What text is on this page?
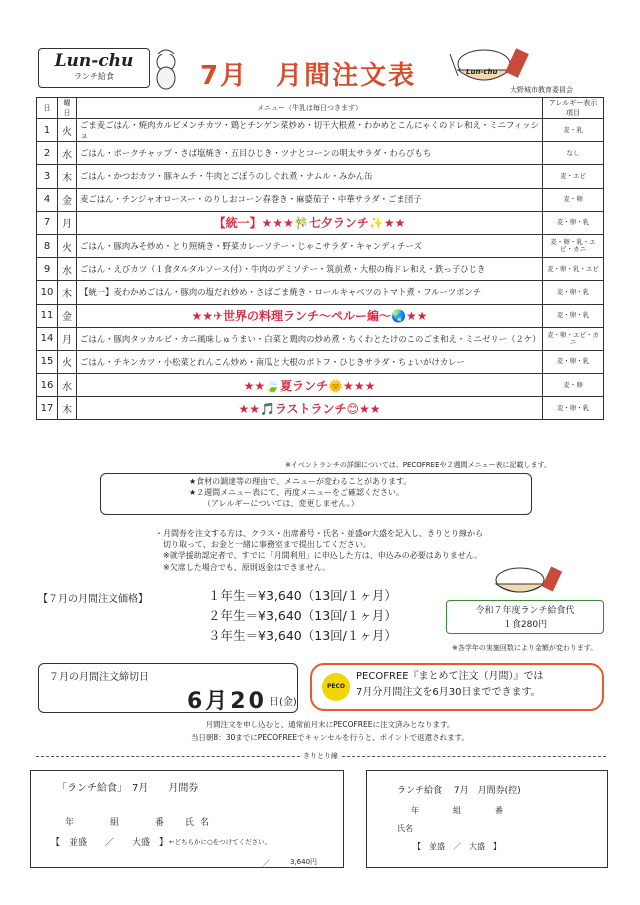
Lun-chu
ランチ給食	7月　月間注文表	Lun-chu
大野城市教育委員会
日	曜日	メニュー（牛乳は毎日つきます）	アレルギー表示項目
1	火	ごま麦ごはん・焼肉カルビメンチカツ・鶏とチンゲン菜炒め・切干大根煮・わかめとこんにゃくのドレ和え・ミニフィッシュ	麦・乳
2	水	ごはん・ポークチャップ・さば塩焼き・五目ひじき・ツナとコーンの明太サラダ・わらびもち	なし
3	木	ごはん・かつおカツ・豚キムチ・牛肉とごぼうのしぐれ煮・ナムル・みかん缶	麦・エビ
4	金	麦ごはん・チンジャオロースー・のりしおコーン春巻き・麻婆茄子・中華サラダ・ごま団子	麦・卵
7	月	【統一】★★★🎋七夕ランチ✨★★	麦・卵・乳
8	火	ごはん・豚肉みそ炒め・とり照焼き・野菜カレーソテー・じゃこサラダ・キャンディチーズ	麦・卵・乳・エビ・カニ
9	水	ごはん・えびカツ（１食タルタルソース付）・牛肉のデミソテー・筑前煮・大根の梅ドレ和え・鉄っ子ひじき	麦・卵・乳・エビ
10	木	【統一】麦わかめごはん・豚肉の塩だれ炒め・さばごま焼き・ロールキャベツのトマト煮・フルーツポンチ	麦・卵・乳
11	金	★★✈世界の料理ランチ〜ペルー編〜🌏★★	麦・卵・乳
14	月	ごはん・豚肉タッカルビ・カニ風味しゅうまい・白菜と鶏肉の炒め煮・ちくわとたけのこのごま和え・ミニゼリー（２ケ）	麦・卵・エビ・カニ
15	火	ごはん・チキンカツ・小松菜とれんこん炒め・南瓜と大根のポトフ・ひじきサラダ・ちょいがけカレー	麦・卵・乳
16	水	★★🍃夏ランチ🌞★★★	麦・卵
17	木	★★🎵ラストランチ😊★★	麦・卵・乳
※イベントランチの詳細については、PECOFREEや２週間メニュー表に記載します。
★食材の調達等の理由で、メニューが変わることがあります。
★２週間メニュー表にて、再度メニューをご確認ください。
（アレルギーについては、変更しません。）
・月間券を注文する方は、クラス・出席番号・氏名・並盛or大盛を記入し、きりとり線から
　切り取って、お金と一緒に事務室まで提出してください。
　※就学援助認定者で、すでに「月間利用」に申込した方は、申込みの必要はありません。
　※欠席した場合でも、原則返金はできません。
【７月の月間注文価格】	１年生＝¥3,640（13回/１ヶ月）
２年生＝¥3,640（13回/１ヶ月）
３年生＝¥3,640（13回/１ヶ月）
令和７年度ランチ給食代
１食280円
※各学年の実施回数により金額が変わります。
７月の月間注文締切日
6月20 日(金)
PECO
PECOFREE『まとめて注文（月間）』では
7月分月間注文を6月30日までできます。
月間注文を申し込むと、通常前月末にPECOFREEに注文済みとなります。
当日朝8：30までにPECOFREEでキャンセルを行うと、ポイントで返還されます。
きりとり線
「ランチ給食」　7月　　月間券
年　　組　　番　氏名
【　並盛　　／　　大盛　】 ←どちらかに○をつけてください。
ランチ給食　 7月　月間券(控)
年　　組　　番
氏名
【　並盛　／　大盛　】
／	3,640円
